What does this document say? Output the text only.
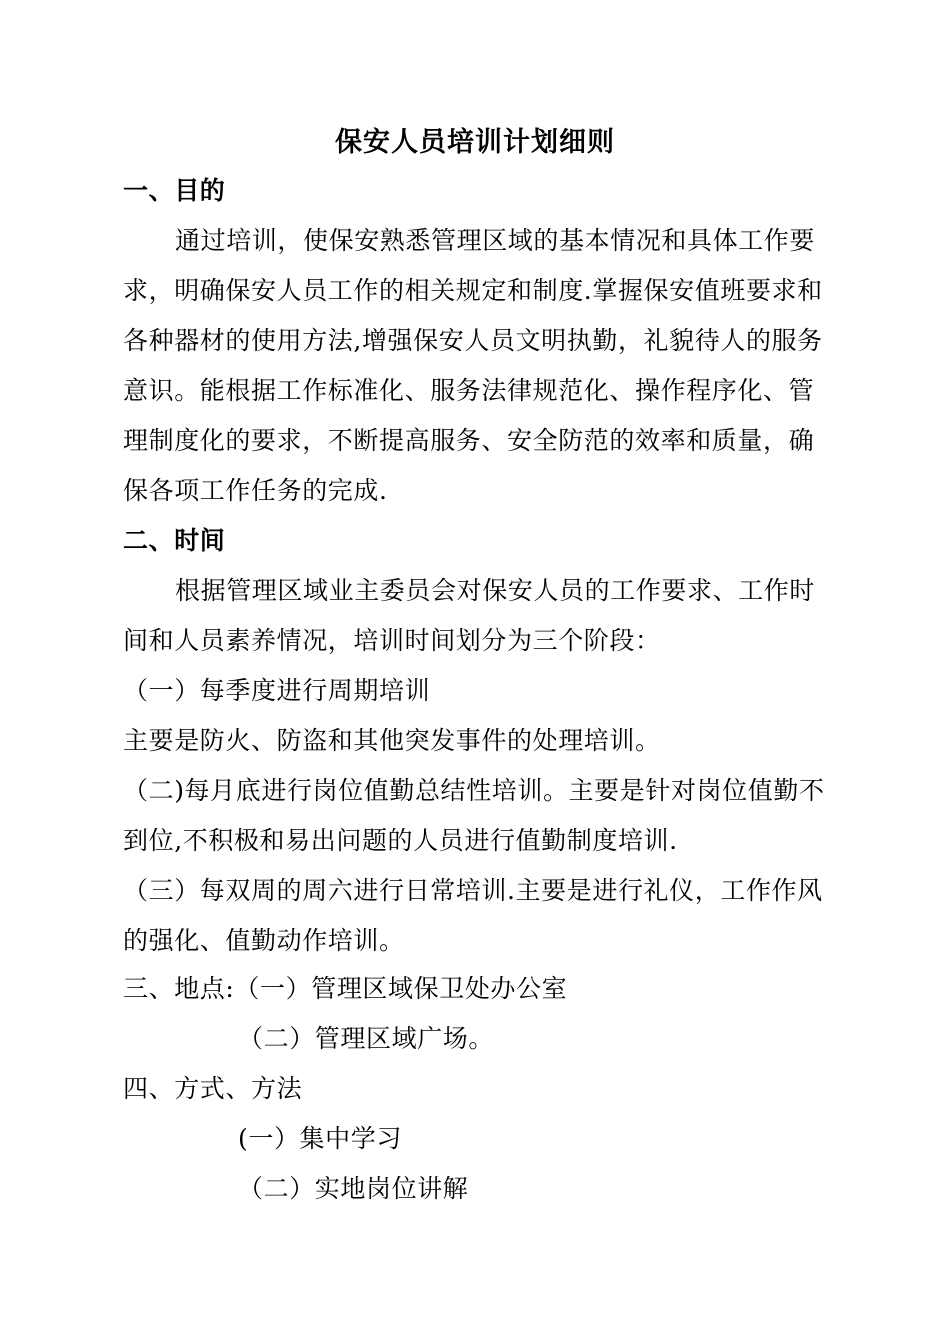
保安人员培训计划细则
一、目的
通过培训，使保安熟悉管理区域的基本情况和具体工作要
求，明确保安人员工作的相关规定和制度.掌握保安值班要求和
各种器材的使用方法,增强保安人员文明执勤，礼貌待人的服务
意识。能根据工作标准化、服务法律规范化、操作程序化、管
理制度化的要求，不断提高服务、安全防范的效率和质量，确
保各项工作任务的完成.
二、时间
根据管理区域业主委员会对保安人员的工作要求、工作时
间和人员素养情况，培训时间划分为三个阶段：
（一）每季度进行周期培训
主要是防火、防盗和其他突发事件的处理培训。
（二)每月底进行岗位值勤总结性培训。主要是针对岗位值勤不
到位,不积极和易出问题的人员进行值勤制度培训.
（三）每双周的周六进行日常培训.主要是进行礼仪，工作作风
的强化、值勤动作培训。
三、地点:（一）管理区域保卫处办公室
（二）管理区域广场。
四、方式、方法
(一）集中学习
（二）实地岗位讲解
